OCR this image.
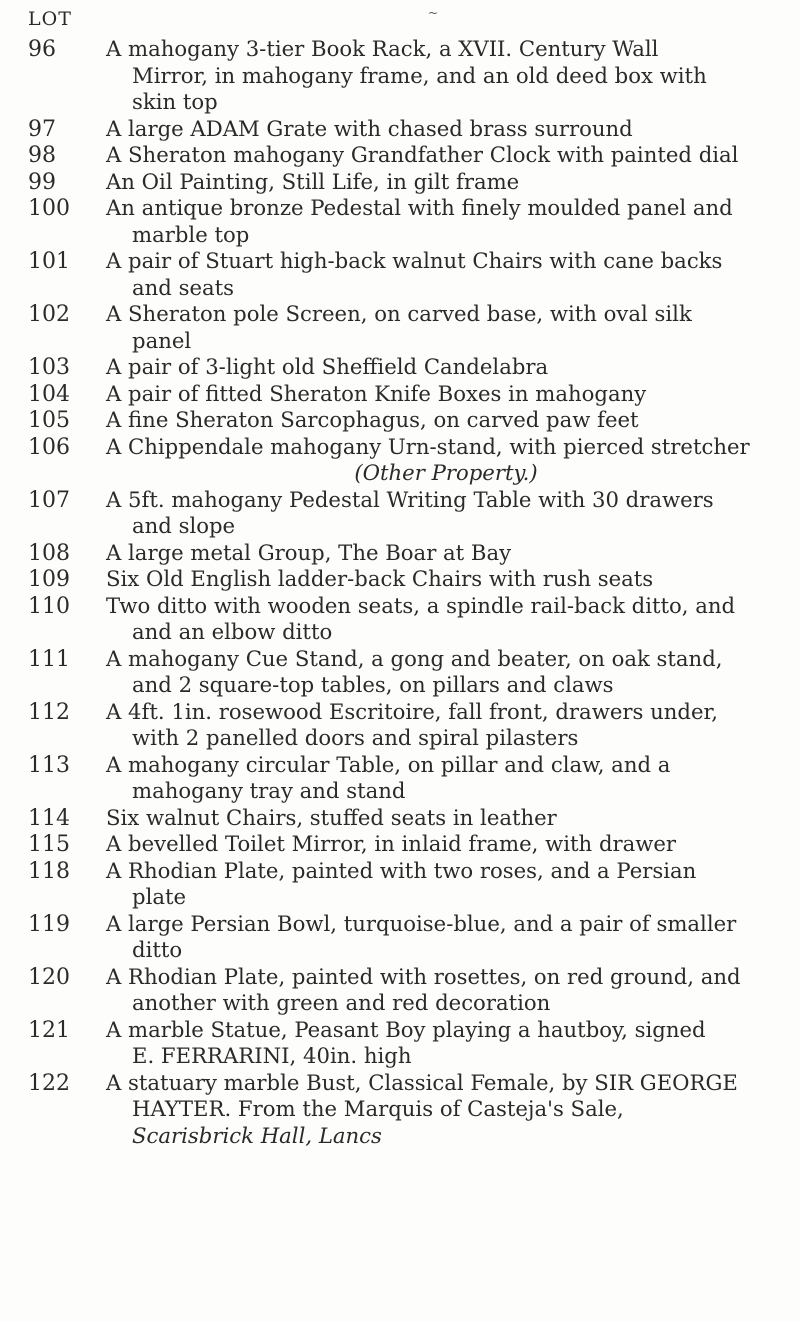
~
LOT
96	A mahogany 3-tier Book Rack, a XVII. Century Wall
Mirror, in mahogany frame, and an old deed box with
skin top
97	A large ADAM Grate with chased brass surround
98	A Sheraton mahogany Grandfather Clock with painted dial
99	An Oil Painting, Still Life, in gilt frame
100 An antique bronze Pedestal with finely moulded panel and
marble top
101 A pair of Stuart high-back walnut Chairs with cane backs
and seats
102 A Sheraton pole Screen, on carved base, with oval silk
panel
103 A pair of 3-light old Sheffield Candelabra
104 A pair of fitted Sheraton Knife Boxes in mahogany
105 A fine Sheraton Sarcophagus, on carved paw feet
106 A Chippendale mahogany Urn-stand, with pierced stretcher
(Other Property.)
107 A 5ft. mahogany Pedestal Writing Table with 30 drawers
and slope
108 A large metal Group, The Boar at Bay
109 Six Old English ladder-back Chairs with rush seats
110 Two ditto with wooden seats, a spindle rail-back ditto, and
and an elbow ditto
111 A mahogany Cue Stand, a gong and beater, on oak stand,
and 2 square-top tables, on pillars and claws
112 A 4ft. 1in. rosewood Escritoire, fall front, drawers under,
with 2 panelled doors and spiral pilasters
113 A mahogany circular Table, on pillar and claw, and a
mahogany tray and stand
114 Six walnut Chairs, stuffed seats in leather
115 A bevelled Toilet Mirror, in inlaid frame, with drawer
118 A Rhodian Plate, painted with two roses, and a Persian
plate
119 A large Persian Bowl, turquoise-blue, and a pair of smaller
ditto
120 A Rhodian Plate, painted with rosettes, on red ground, and
another with green and red decoration
121 A marble Statue, Peasant Boy playing a hautboy, signed
E. FERRARINI, 40in. high
122 A statuary marble Bust, Classical Female, by SIR GEORGE
HAYTER. From the Marquis of Casteja's Sale,
Scarisbrick Hall, Lancs
